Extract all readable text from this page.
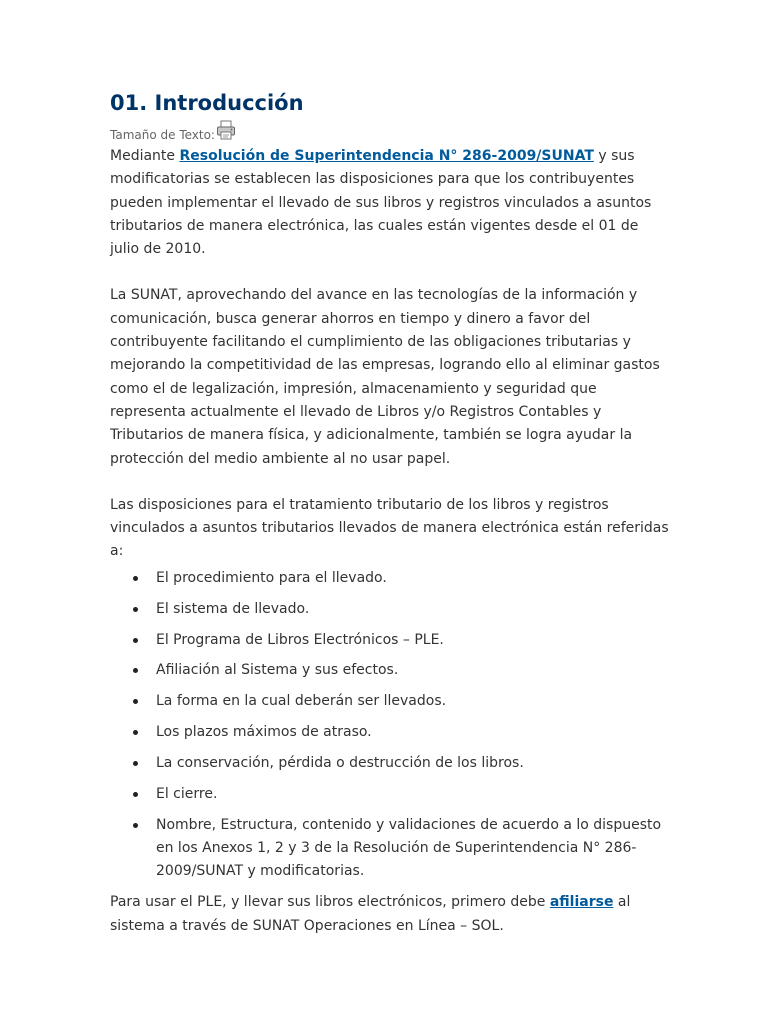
01. Introducción
Tamaño de Texto:

Mediante Resolución de Superintendencia N° 286-2009/SUNAT y sus modificatorias se establecen las disposiciones para que los contribuyentes pueden implementar el llevado de sus libros y registros vinculados a asuntos tributarios de manera electrónica, las cuales están vigentes desde el 01 de julio de 2010.

La SUNAT, aprovechando del avance en las tecnologías de la información y comunicación, busca generar ahorros en tiempo y dinero a favor del contribuyente facilitando el cumplimiento de las obligaciones tributarias y mejorando la competitividad de las empresas, logrando ello al eliminar gastos como el de legalización, impresión, almacenamiento y seguridad que representa actualmente el llevado de Libros y/o Registros Contables y Tributarios de manera física, y adicionalmente, también se logra ayudar la protección del medio ambiente al no usar papel.

Las disposiciones para el tratamiento tributario de los libros y registros vinculados a asuntos tributarios llevados de manera electrónica están referidas a:

El procedimiento para el llevado.
El sistema de llevado.
El Programa de Libros Electrónicos – PLE.
Afiliación al Sistema y sus efectos.
La forma en la cual deberán ser llevados.
Los plazos máximos de atraso.
La conservación, pérdida o destrucción de los libros.
El cierre.
Nombre, Estructura, contenido y validaciones de acuerdo a lo dispuesto en los Anexos 1, 2 y 3 de la Resolución de Superintendencia N° 286-2009/SUNAT y modificatorias.

Para usar el PLE, y llevar sus libros electrónicos, primero debe afiliarse al sistema a través de SUNAT Operaciones en Línea – SOL.
